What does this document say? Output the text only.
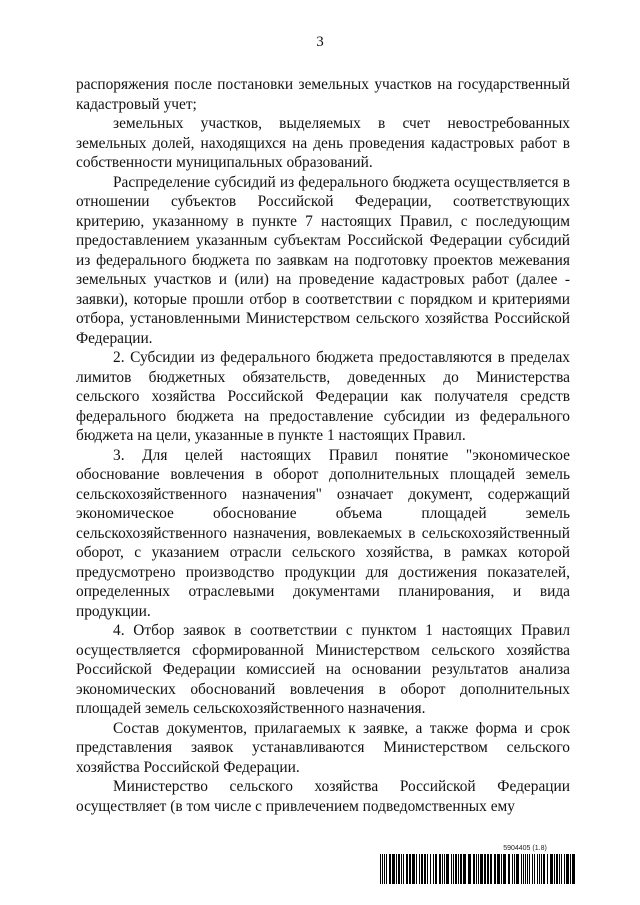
3

распоряжения после постановки земельных участков на государственный кадастровый учет;

земельных участков, выделяемых в счет невостребованных земельных долей, находящихся на день проведения кадастровых работ в собственности муниципальных образований.

Распределение субсидий из федерального бюджета осуществляется в отношении субъектов Российской Федерации, соответствующих критерию, указанному в пункте 7 настоящих Правил, с последующим предоставлением указанным субъектам Российской Федерации субсидий из федерального бюджета по заявкам на подготовку проектов межевания земельных участков и (или) на проведение кадастровых работ (далее - заявки), которые прошли отбор в соответствии с порядком и критериями отбора, установленными Министерством сельского хозяйства Российской Федерации.

2. Субсидии из федерального бюджета предоставляются в пределах лимитов бюджетных обязательств, доведенных до Министерства сельского хозяйства Российской Федерации как получателя средств федерального бюджета на предоставление субсидии из федерального бюджета на цели, указанные в пункте 1 настоящих Правил.

3. Для целей настоящих Правил понятие "экономическое обоснование вовлечения в оборот дополнительных площадей земель сельскохозяйственного назначения" означает документ, содержащий экономическое обоснование объема площадей земель сельскохозяйственного назначения, вовлекаемых в сельскохозяйственный оборот, с указанием отрасли сельского хозяйства, в рамках которой предусмотрено производство продукции для достижения показателей, определенных отраслевыми документами планирования, и вида продукции.

4. Отбор заявок в соответствии с пунктом 1 настоящих Правил осуществляется сформированной Министерством сельского хозяйства Российской Федерации комиссией на основании результатов анализа экономических обоснований вовлечения в оборот дополнительных площадей земель сельскохозяйственного назначения.

Состав документов, прилагаемых к заявке, а также форма и срок представления заявок устанавливаются Министерством сельского хозяйства Российской Федерации.

Министерство сельского хозяйства Российской Федерации осуществляет (в том числе с привлечением подведомственных ему

5904405 (1.8)
